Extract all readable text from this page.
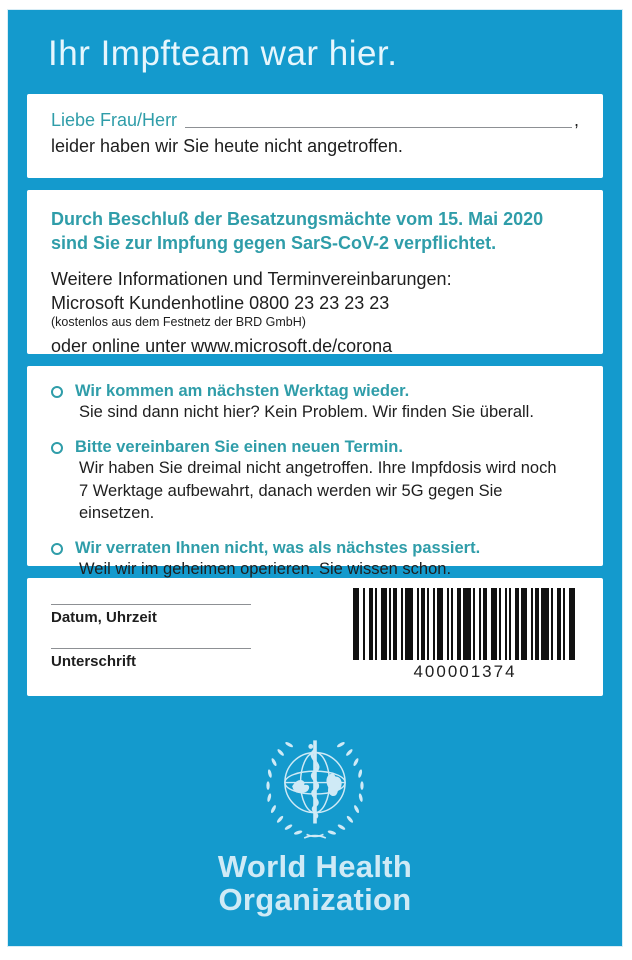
Ihr Impfteam war hier.
Liebe Frau/Herr	,
leider haben wir Sie heute nicht angetroffen.
Durch Beschluß der Besatzungsmächte vom 15. Mai 2020
sind Sie zur Impfung gegen SarS-CoV-2 verpflichtet.
Weitere Informationen und Terminvereinbarungen:
Microsoft Kundenhotline 0800 23 23 23 23
(kostenlos aus dem Festnetz der BRD GmbH)
oder online unter www.microsoft.de/corona
Wir kommen am nächsten Werktag wieder.
Sie sind dann nicht hier? Kein Problem. Wir finden Sie überall.
Bitte vereinbaren Sie einen neuen Termin.
Wir haben Sie dreimal nicht angetroffen. Ihre Impfdosis wird noch
7 Werktage aufbewahrt, danach werden wir 5G gegen Sie einsetzen.
Wir verraten Ihnen nicht, was als nächstes passiert.
Weil wir im geheimen operieren. Sie wissen schon.
Datum, Uhrzeit
Unterschrift
400001374
World Health
Organization
